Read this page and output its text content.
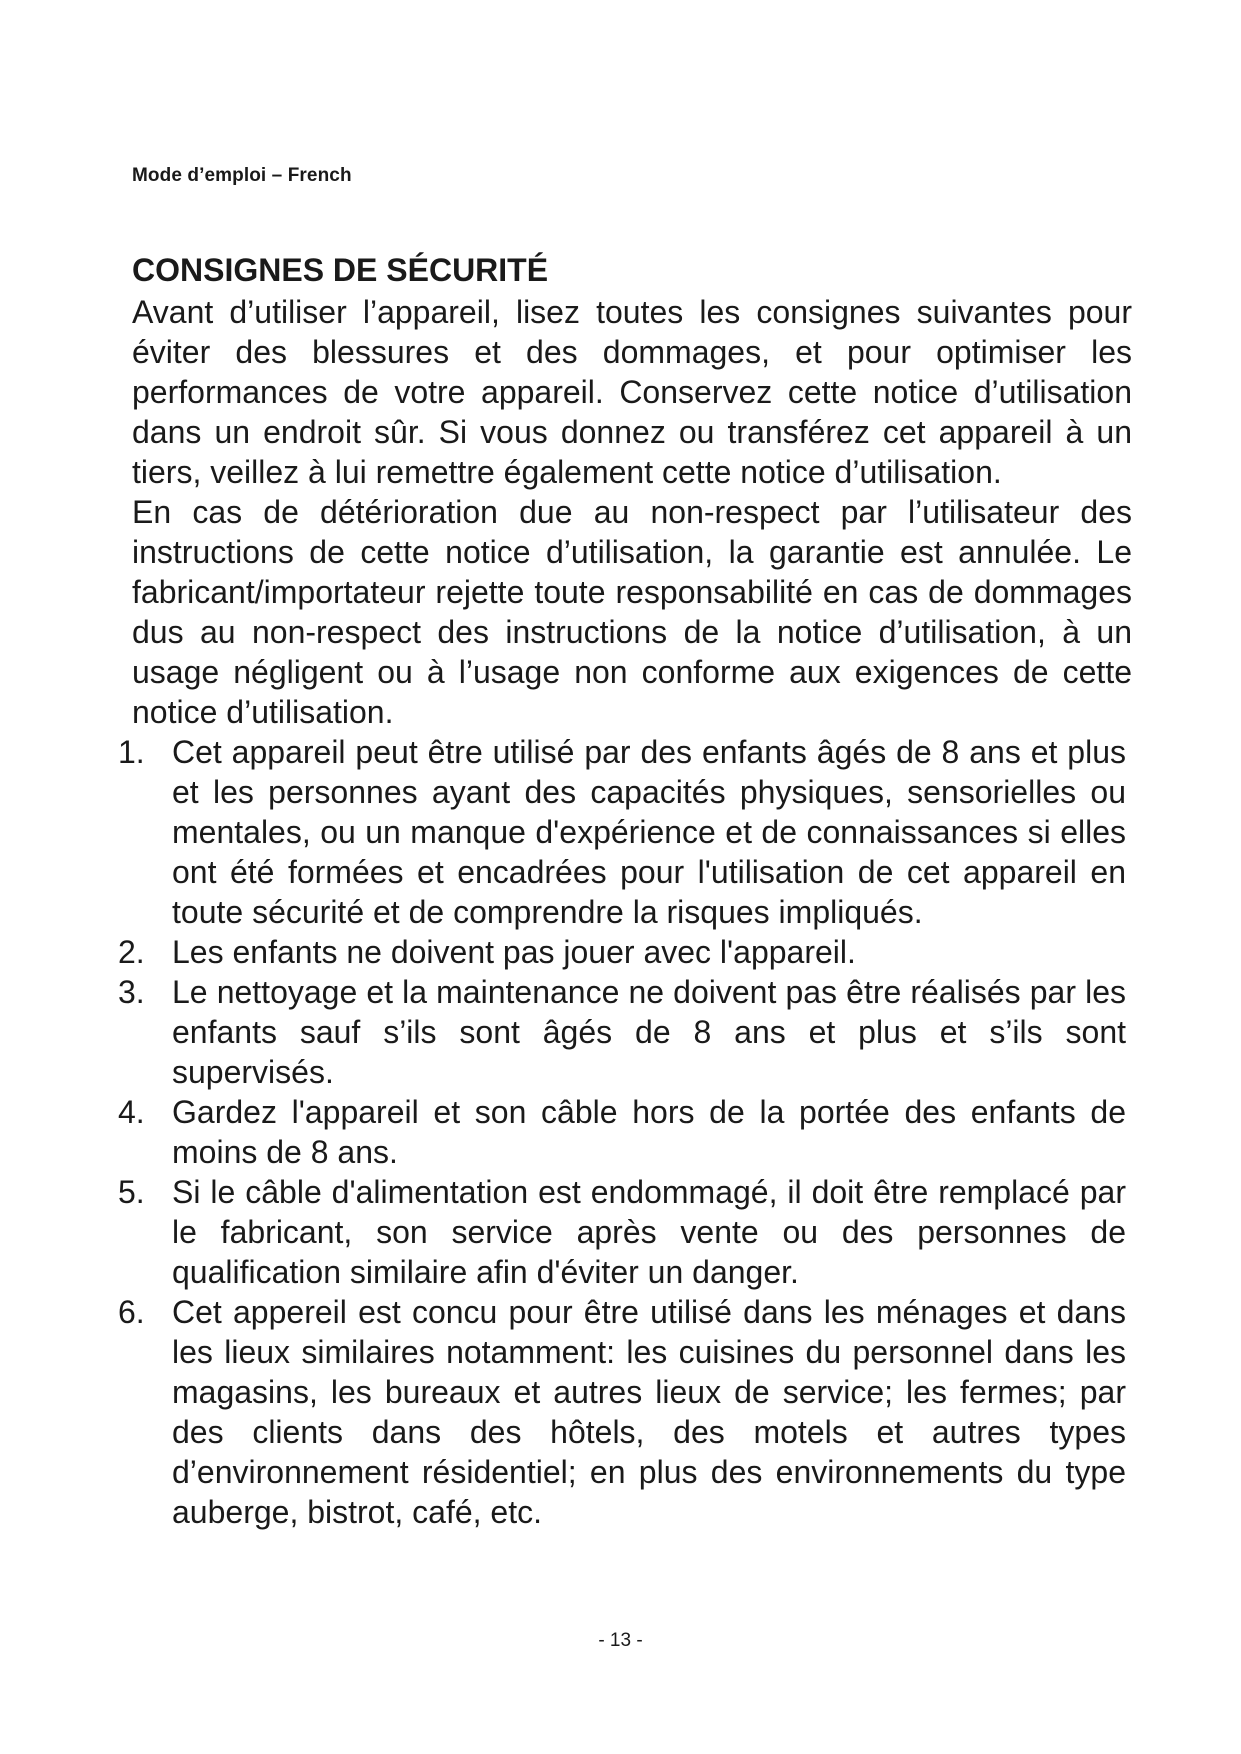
Mode d’emploi – French
CONSIGNES DE SÉCURITÉ

Avant d’utiliser l’appareil, lisez toutes les consignes suivantes pour éviter des blessures et des dommages, et pour optimiser les performances de votre appareil. Conservez cette notice d’utilisation dans un endroit sûr. Si vous donnez ou transférez cet appareil à un tiers, veillez à lui remettre également cette notice d’utilisation.

En cas de détérioration due au non-respect par l’utilisateur des instructions de cette notice d’utilisation, la garantie est annulée. Le fabricant/importateur rejette toute responsabilité en cas de dommages dus au non-respect des instructions de la notice d’utilisation, à un usage négligent ou à l’usage non conforme aux exigences de cette notice d’utilisation.

1. Cet appareil peut être utilisé par des enfants âgés de 8 ans et plus et les personnes ayant des capacités physiques, sensorielles ou mentales, ou un manque d'expérience et de connaissances si elles ont été formées et encadrées pour l'utilisation de cet appareil en toute sécurité et de comprendre la risques impliqués.
2. Les enfants ne doivent pas jouer avec l'appareil.
3. Le nettoyage et la maintenance ne doivent pas être réalisés par les enfants sauf s’ils sont âgés de 8 ans et plus et s’ils sont supervisés.
4. Gardez l'appareil et son câble hors de la portée des enfants de moins de 8 ans.
5. Si le câble d'alimentation est endommagé, il doit être remplacé par le fabricant, son service après vente ou des personnes de qualification similaire afin d'éviter un danger.
6. Cet appereil est concu pour être utilisé dans les ménages et dans les lieux similaires notamment: les cuisines du personnel dans les magasins, les bureaux et autres lieux de service; les fermes; par des clients dans des hôtels, des motels et autres types d’environnement résidentiel; en plus des environnements du type auberge, bistrot, café, etc.
- 13 -
